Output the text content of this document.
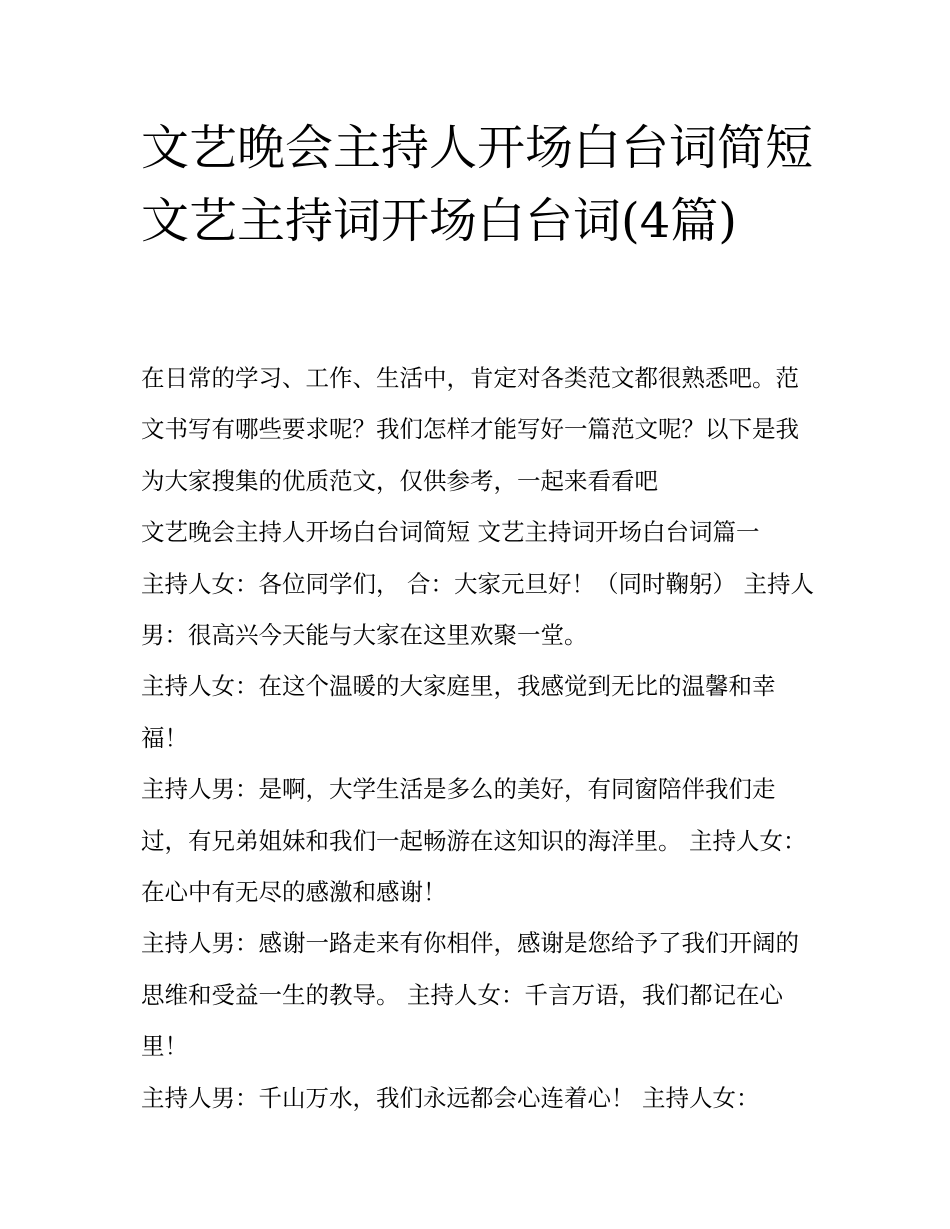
文艺晚会主持人开场白台词简短 文艺主持词开场白台词(4篇)

在日常的学习、工作、生活中，肯定对各类范文都很熟悉吧。范文书写有哪些要求呢？我们怎样才能写好一篇范文呢？以下是我为大家搜集的优质范文，仅供参考，一起来看看吧

文艺晚会主持人开场白台词简短 文艺主持词开场白台词篇一

主持人女：各位同学们， 合：大家元旦好！（同时鞠躬） 主持人男：很高兴今天能与大家在这里欢聚一堂。

主持人女：在这个温暖的大家庭里，我感觉到无比的温馨和幸福！

主持人男：是啊，大学生活是多么的美好，有同窗陪伴我们走过，有兄弟姐妹和我们一起畅游在这知识的海洋里。 主持人女：在心中有无尽的感激和感谢！

主持人男：感谢一路走来有你相伴，感谢是您给予了我们开阔的思维和受益一生的教导。 主持人女：千言万语，我们都记在心里！

主持人男：千山万水，我们永远都会心连着心！ 主持人女：
